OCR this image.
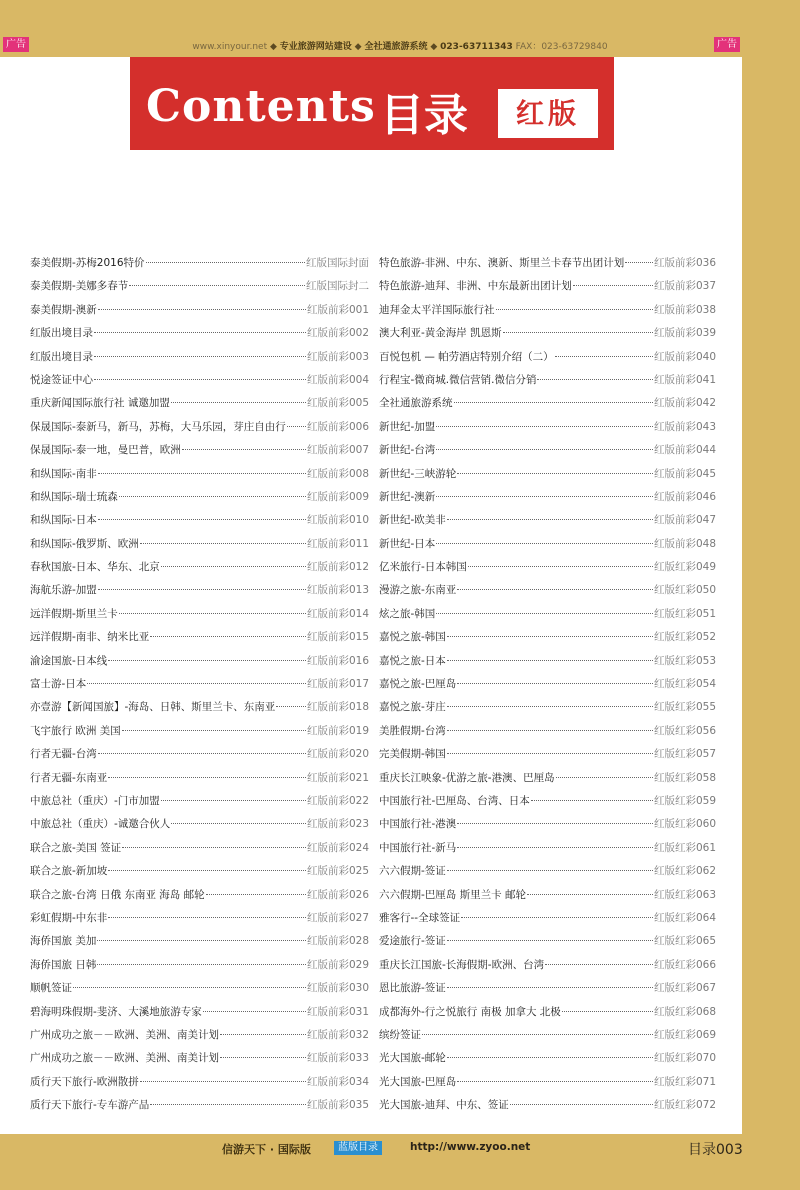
广告	广告
www.xinyour.net ◆ 专业旅游网站建设 ◆ 全社通旅游系统 ◆ 023-63711343 FAX：023-63729840
Contents 目录	红版
泰美假期-苏梅2016特价	红版国际封面
泰美假期-美娜多春节	红版国际封二
泰美假期-澳新	红版前彩001
红版出境目录	红版前彩002
红版出境目录	红版前彩003
悦途签证中心	红版前彩004
重庆新闻国际旅行社 诚邀加盟	红版前彩005
保晟国际-泰新马，新马，苏梅，大马乐园，芽庄自由行 红版前彩006
保晟国际-泰一地，曼巴普，欧洲	红版前彩007
和纵国际-南非	红版前彩008
和纵国际-瑞士琉森	红版前彩009
和纵国际-日本	红版前彩010
和纵国际-俄罗斯、欧洲	红版前彩011
春秋国旅-日本、华东、北京	红版前彩012
海航乐游-加盟	红版前彩013
远洋假期-斯里兰卡	红版前彩014
远洋假期-南非、纳米比亚	红版前彩015
渝途国旅-日本线	红版前彩016
富士游-日本	红版前彩017
亦壹游【新闻国旅】-海岛、日韩、斯里兰卡、东南亚	红版前彩018
飞宇旅行 欧洲 美国	红版前彩019
行者无疆-台湾	红版前彩020
行者无疆-东南亚	红版前彩021
中旅总社（重庆）-门市加盟	红版前彩022
中旅总社（重庆）-诚邀合伙人	红版前彩023
联合之旅-美国 签证	红版前彩024
联合之旅-新加坡	红版前彩025
联合之旅-台湾 日俄 东南亚 海岛 邮轮	红版前彩026
彩虹假期-中东非	红版前彩027
海侨国旅 美加	红版前彩028
海侨国旅 日韩	红版前彩029
顺帆签证	红版前彩030
碧海明珠假期-斐济、大溪地旅游专家	红版前彩031
广州成功之旅－－欧洲、美洲、南美计划	红版前彩032
广州成功之旅－－欧洲、美洲、南美计划	红版前彩033
质行天下旅行-欧洲散拼	红版前彩034
质行天下旅行-专车游产品	红版前彩035
特色旅游-非洲、中东、澳新、斯里兰卡春节出团计划	红版前彩036
特色旅游-迪拜、非洲、中东最新出团计划	红版前彩037
迪拜金太平洋国际旅行社	红版前彩038
澳大利亚-黄金海岸 凯恩斯	红版前彩039
百悦包机 — 帕劳酒店特别介绍（二）	红版前彩040
行程宝-微商城.微信营销.微信分销	红版前彩041
全社通旅游系统	红版前彩042
新世纪-加盟	红版前彩043
新世纪-台湾	红版前彩044
新世纪-三峡游轮	红版前彩045
新世纪-澳新	红版前彩046
新世纪-欧美非	红版前彩047
新世纪-日本	红版前彩048
亿米旅行-日本韩国	红版红彩049
漫游之旅-东南亚	红版红彩050
炫之旅-韩国	红版红彩051
嘉悦之旅-韩国	红版红彩052
嘉悦之旅-日本	红版红彩053
嘉悦之旅-巴厘岛	红版红彩054
嘉悦之旅-芽庄	红版红彩055
美胜假期-台湾	红版红彩056
完美假期-韩国	红版红彩057
重庆长江映象-优游之旅-港澳、巴厘岛	红版红彩058
中国旅行社-巴厘岛、台湾、日本	红版红彩059
中国旅行社-港澳	红版红彩060
中国旅行社-新马	红版红彩061
六六假期-签证	红版红彩062
六六假期-巴厘岛 斯里兰卡 邮轮	红版红彩063
雅客行--全球签证	红版红彩064
爱途旅行-签证	红版红彩065
重庆长江国旅-长海假期-欧洲、台湾	红版红彩066
恩比旅游-签证	红版红彩067
成都海外-行之悦旅行 南极 加拿大 北极	红版红彩068
缤纷签证	红版红彩069
光大国旅-邮轮	红版红彩070
光大国旅-巴厘岛	红版红彩071
光大国旅-迪拜、中东、签证	红版红彩072
信游天下 · 国际版	蓝版目录	http://www.zyoo.net	目录003
